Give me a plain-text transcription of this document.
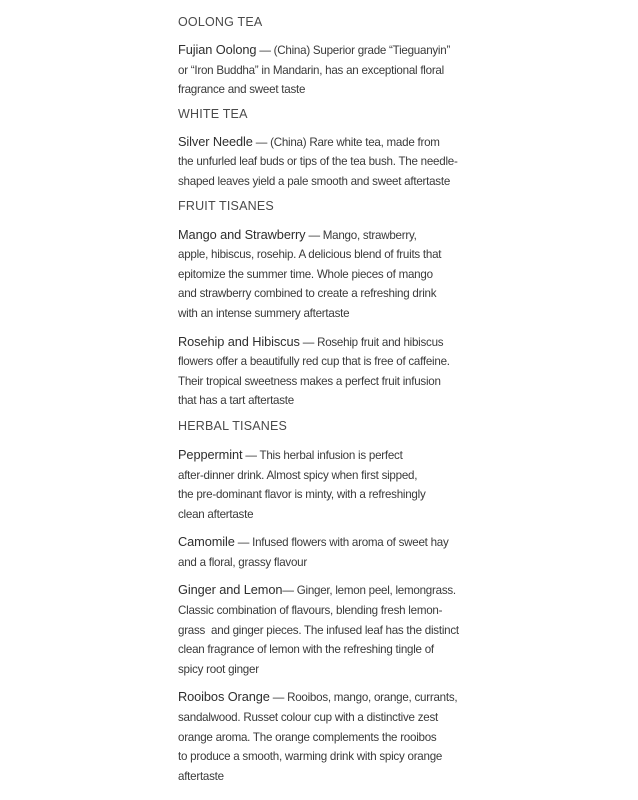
OOLONG TEA
Fujian Oolong — (China) Superior grade “Tieguanyin”
or “Iron Buddha” in Mandarin, has an exceptional floral
fragrance and sweet taste
WHITE TEA
Silver Needle — (China) Rare white tea, made from
the unfurled leaf buds or tips of the tea bush. The needle-
shaped leaves yield a pale smooth and sweet aftertaste
FRUIT TISANES
Mango and Strawberry — Mango, strawberry,
apple, hibiscus, rosehip. A delicious blend of fruits that
epitomize the summer time. Whole pieces of mango
and strawberry combined to create a refreshing drink
with an intense summery aftertaste
Rosehip and Hibiscus — Rosehip fruit and hibiscus
flowers offer a beautifully red cup that is free of caffeine.
Their tropical sweetness makes a perfect fruit infusion
that has a tart aftertaste
HERBAL TISANES
Peppermint — This herbal infusion is perfect
after-dinner drink. Almost spicy when first sipped,
the pre-dominant flavor is minty, with a refreshingly
clean aftertaste
Camomile — Infused flowers with aroma of sweet hay
and a floral, grassy flavour
Ginger and Lemon— Ginger, lemon peel, lemongrass.
Classic combination of flavours, blending fresh lemon-
grass  and ginger pieces. The infused leaf has the distinct
clean fragrance of lemon with the refreshing tingle of
spicy root ginger
Rooibos Orange — Rooibos, mango, orange, currants,
sandalwood. Russet colour cup with a distinctive zest
orange aroma. The orange complements the rooibos
to produce a smooth, warming drink with spicy orange
aftertaste
